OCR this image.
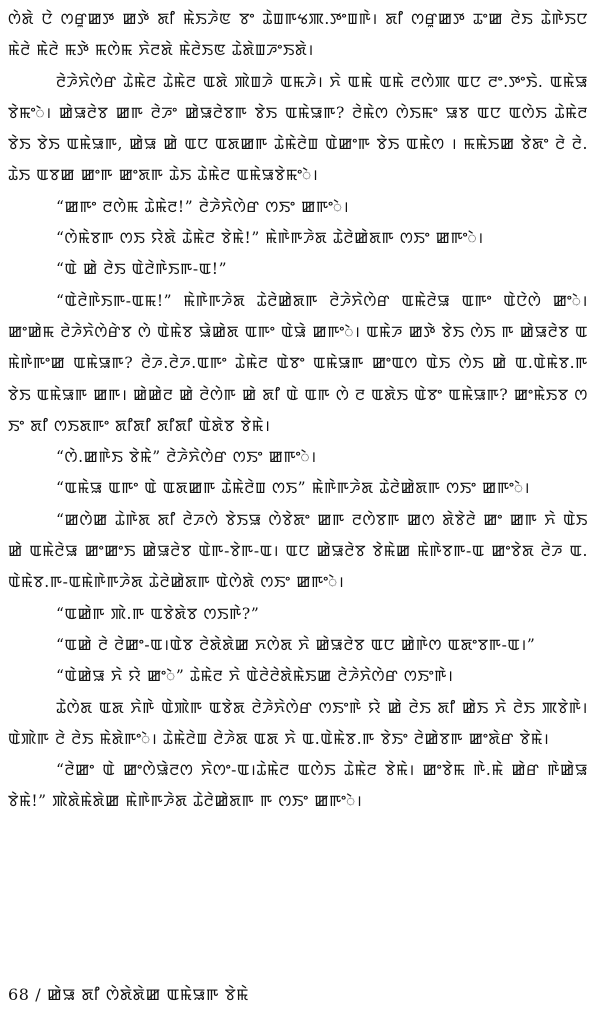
ꯁꯥꯗꯥ ꯅꯥ ꯁꯔꯨꯀꯇ ꯀꯇꯥ ꯗꯤ ꯃꯥꯏꯍꯥꯟ ꯕꯦ ꯊꯥꯡꯒꯠꯄ.ꯇꯦꯡꯒꯥ। ꯗꯤ ꯁꯔꯨꯀꯇ ꯊꯦꯀ ꯂꯥꯏ ꯊꯥꯒꯥꯏꯅ ꯃꯥꯂꯥ ꯃꯥꯂꯥ ꯃꯇꯥ ꯃꯁꯥꯃ ꯈꯥꯂꯗꯥ ꯃꯥꯂꯥꯏꯟ ꯊꯥꯗꯥꯡꯍꯦꯏꯗꯥ।

ꯂꯥꯍꯥꯈꯥꯁꯥꯔ ꯊꯥꯃꯥꯂ ꯊꯥꯃꯥꯂ ꯑꯗꯥ ꯄꯥꯡꯍꯥ ꯑꯃꯍꯥ। ꯈꯥ ꯑꯃꯥ ꯑꯃꯥ ꯂꯁꯥꯄ ꯑꯅ ꯂꯦ.ꯇꯦꯏꯥ. ꯑꯃꯥꯎꯕꯥꯃꯦꯥ। ꯀꯥꯎꯂꯥꯕ ꯀꯒ ꯂꯥꯍꯦ ꯀꯥꯎꯂꯥꯕꯒ ꯕꯥꯏ ꯑꯃꯥꯎꯒ? ꯂꯥꯃꯥꯁ ꯁꯥꯏꯃꯦ ꯎꯕ ꯑꯅ ꯑꯁꯥꯏ ꯊꯥꯃꯥꯂ ꯕꯥꯏ ꯕꯥꯏ ꯑꯃꯥꯎꯒ, ꯀꯥꯎ ꯀꯥ ꯑꯅ ꯑꯗꯀꯒ ꯊꯥꯃꯥꯂꯥꯡ ꯑꯥꯀꯦꯒ ꯕꯥꯏ ꯑꯃꯥꯁ । ꯃꯃꯥꯏꯀ ꯕꯥꯗꯦ ꯂꯥ ꯂꯥ.ꯊꯥꯏ ꯑꯕꯀ ꯀꯦꯒ ꯀꯦꯗꯒ ꯊꯥꯏ ꯊꯥꯃꯥꯂ ꯑꯃꯥꯎꯕꯥꯃꯦꯥ।

“ꯀꯒꯦ ꯂꯁꯥꯃ ꯊꯥꯃꯥꯂ!” ꯂꯥꯍꯥꯈꯥꯁꯥꯔ ꯁꯏꯦ ꯀꯒꯦꯥ।

“ꯁꯥꯃꯥꯕꯒ ꯁꯏ ꯌꯥꯗꯥ ꯊꯥꯃꯥꯂ ꯕꯥꯃꯥ!” ꯃꯥꯒꯥꯒꯍꯥꯗ ꯊꯥꯂꯥꯀꯥꯗꯒ ꯁꯏꯦ ꯀꯒꯦꯥ।

“ꯑꯥ ꯀꯥ ꯂꯥꯏ ꯑꯥꯂꯥꯒꯥꯏꯒ-ꯑ!”

“ꯑꯥꯂꯥꯒꯥꯏꯒ-ꯑꯃ!” ꯃꯥꯒꯥꯒꯍꯥꯗ ꯊꯥꯂꯥꯀꯥꯗꯒ ꯂꯥꯍꯥꯈꯥꯁꯥꯔ ꯑꯃꯥꯂꯥꯎ ꯑꯒꯦ ꯑꯥꯅꯥꯁꯥ ꯀꯦꯥ। ꯀꯦꯀꯥꯃ ꯂꯥꯍꯥꯈꯥꯁꯥꯔꯥꯕ ꯁꯥ ꯑꯥꯃꯥꯕ ꯎꯥꯀꯥꯗ ꯑꯒꯦ ꯑꯥꯎꯥ ꯀꯒꯦꯥ। ꯑꯃꯥꯍ ꯀꯇꯥ ꯕꯥꯏ ꯁꯥꯏ ꯒ ꯀꯥꯎꯂꯥꯕ ꯑꯃꯥꯒꯥꯒꯦꯀ ꯑꯃꯥꯎꯒ? ꯂꯥꯍ.ꯂꯥꯍ.ꯑꯒꯦ ꯊꯥꯃꯥꯂ ꯑꯥꯕꯦ ꯑꯃꯥꯎꯒ ꯀꯦꯑꯁ ꯑꯥꯏ ꯁꯥꯏ ꯀꯥ ꯑ.ꯑꯥꯃꯥꯕ.ꯒ ꯕꯥꯏ ꯑꯃꯥꯎꯒ ꯀꯒ। ꯀꯥꯀꯥꯂ ꯀꯥ ꯂꯥꯁꯥꯒ ꯀꯥ ꯗꯤ ꯑꯥ ꯑꯒ ꯁꯥ ꯂ ꯑꯗꯥꯏ ꯑꯥꯕꯦ ꯑꯃꯥꯎꯒ? ꯀꯦꯃꯥꯏꯕ ꯁꯏꯦ ꯗꯤ ꯁꯏꯗꯒꯦ ꯗꯤꯗꯤ ꯗꯤꯗꯤ ꯑꯥꯗꯥꯕ ꯕꯥꯃꯥ।

“ꯁꯥ.ꯀꯒꯥꯏ ꯕꯥꯃꯥ” ꯂꯥꯍꯥꯈꯥꯁꯥꯔ ꯁꯏꯦ ꯀꯒꯦꯥ।

“ꯑꯃꯥꯎ ꯑꯒꯦ ꯑꯥ ꯑꯗꯀꯒ ꯊꯥꯃꯥꯂꯥꯡ ꯁꯏ” ꯃꯥꯒꯥꯒꯍꯥꯗ ꯊꯥꯂꯥꯀꯥꯗꯒ ꯁꯏꯦ ꯀꯒꯦꯥ।

“ꯀꯁꯥꯀ ꯊꯥꯒꯥꯗ ꯗꯤ ꯂꯥꯍꯁꯥ ꯕꯥꯏꯎ ꯁꯥꯕꯥꯗꯦ ꯀꯒ ꯂꯁꯥꯕꯒ ꯀꯁ ꯗꯥꯕꯥꯂꯥ ꯀꯦ ꯀꯒ ꯈꯥ ꯑꯥꯏ ꯀꯥ ꯑꯃꯥꯂꯥꯎ ꯀꯦꯀꯦꯏ ꯀꯥꯎꯂꯥꯕ ꯑꯥꯒ-ꯕꯥꯒ-ꯑ। ꯑꯅ ꯀꯥꯎꯂꯥꯕ ꯕꯥꯃꯥꯀ ꯃꯥꯒꯥꯕꯒ-ꯑ ꯀꯦꯕꯥꯗ ꯂꯥꯍ ꯑ.ꯑꯥꯃꯥꯕ.ꯒ-ꯑꯃꯥꯒꯥꯒꯍꯥꯗ ꯊꯥꯂꯥꯀꯥꯗꯒ ꯑꯥꯁꯥꯗꯥ ꯁꯏꯦ ꯀꯒꯦꯥ।

“ꯑꯀꯥꯒ ꯄꯥ.ꯒ ꯑꯕꯥꯗꯥꯕ ꯁꯏꯒꯥ?”

“ꯑꯀꯥ ꯂꯥ ꯂꯥꯀꯦ-ꯑ।ꯑꯥꯕ ꯂꯥꯗꯥꯗꯥꯀ ꯈꯁꯥꯗ ꯈꯥ ꯀꯥꯎꯂꯥꯕ ꯑꯅ ꯀꯥꯒꯥꯁ ꯑꯗꯦꯕꯒ-ꯑ।”

“ꯑꯥꯀꯥꯎ ꯈꯥ ꯌꯥ ꯀꯦꯥ” ꯊꯥꯃꯥꯂ ꯈꯥ ꯑꯥꯂꯥꯂꯥꯗꯥꯃꯥꯏꯀ ꯂꯥꯍꯥꯈꯥꯁꯥꯔ ꯁꯏꯦꯒꯥ।

ꯊꯥꯁꯥꯗ ꯑꯗ ꯈꯥꯒꯥ ꯑꯥꯄꯥꯒ ꯑꯕꯥꯗ ꯂꯥꯍꯥꯈꯥꯁꯥꯔ ꯁꯏꯦꯒꯥ ꯌꯥ ꯀꯥ ꯂꯥꯏ ꯗꯤ ꯀꯥꯏ ꯈꯥ ꯂꯥꯏ ꯄꯕꯥꯒꯥ। ꯑꯥꯄꯥꯒ ꯂꯥ ꯂꯥꯏ ꯃꯥꯗꯥꯒꯦꯥ। ꯊꯥꯃꯥꯂꯥꯡ ꯂꯥꯍꯥꯗ ꯑꯗ ꯈꯥ ꯑ.ꯑꯥꯃꯥꯕ.ꯒ ꯕꯥꯏꯦ ꯂꯥꯀꯥꯕꯒ ꯀꯦꯗꯥꯔ ꯕꯥꯃꯥ।

“ꯂꯥꯀꯦ ꯑꯥ ꯀꯦꯁꯥꯎꯥꯂꯁ ꯈꯥꯁꯦ-ꯑ।ꯊꯥꯃꯥꯂ ꯑꯁꯥꯏ ꯊꯥꯃꯥꯂ ꯕꯥꯃꯥ। ꯀꯦꯕꯥꯃ ꯒꯥ.ꯃꯥ ꯀꯥꯔ ꯒꯥꯀꯥꯎ ꯕꯥꯃꯥ!” ꯄꯥꯗꯥꯃꯥꯗꯥꯀ ꯃꯥꯒꯥꯒꯍꯥꯗ ꯊꯥꯂꯥꯀꯥꯗꯒ ꯒ ꯁꯏꯦ ꯀꯒꯦꯥ।

68 / ꯀꯥꯎ ꯗꯤ ꯁꯥꯗꯥꯗꯥꯀ ꯑꯃꯥꯎꯒ ꯕꯥꯃꯥ
